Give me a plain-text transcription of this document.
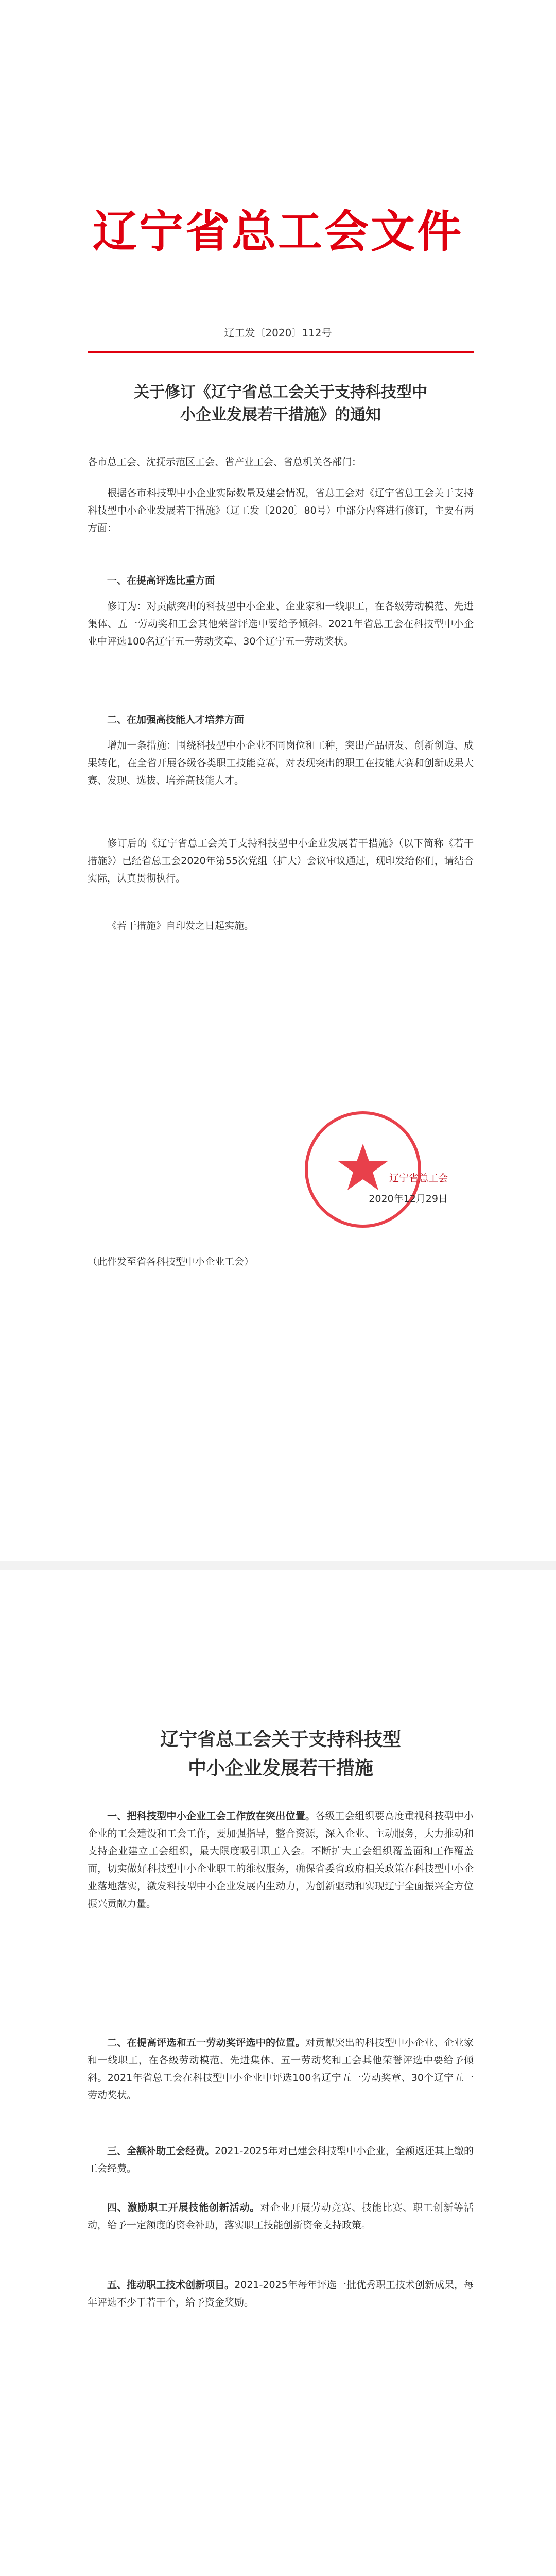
辽宁省总工会文件
辽工发〔2020〕112号
关于修订《辽宁省总工会关于支持科技型中
小企业发展若干措施》的通知
各市总工会、沈抚示范区工会、省产业工会、省总机关各部门：
根据各市科技型中小企业实际数量及建会情况，省总工会对《辽宁省总工会关于支持科技型中小企业发展若干措施》（辽工发〔2020〕80号）中部分内容进行修订，主要有两方面：
一、在提高评选比重方面
修订为：对贡献突出的科技型中小企业、企业家和一线职工，在各级劳动模范、先进集体、五一劳动奖和工会其他荣誉评选中要给予倾斜。2021年省总工会在科技型中小企业中评选100名辽宁五一劳动奖章、30个辽宁五一劳动奖状。
二、在加强高技能人才培养方面
增加一条措施：围绕科技型中小企业不同岗位和工种，突出产品研发、创新创造、成果转化，在全省开展各级各类职工技能竞赛，对表现突出的职工在技能大赛和创新成果大赛、发现、选拔、培养高技能人才。
修订后的《辽宁省总工会关于支持科技型中小企业发展若干措施》（以下简称《若干措施》）已经省总工会2020年第55次党组（扩大）会议审议通过，现印发给你们，请结合实际，认真贯彻执行。
《若干措施》自印发之日起实施。
辽宁省总工会
2020年12月29日
（此件发至省各科技型中小企业工会）
辽宁省总工会关于支持科技型
中小企业发展若干措施
一、把科技型中小企业工会工作放在突出位置。各级工会组织要高度重视科技型中小企业的工会建设和工会工作，要加强指导，整合资源，深入企业、主动服务，大力推动和支持企业建立工会组织，最大限度吸引职工入会。不断扩大工会组织覆盖面和工作覆盖面，切实做好科技型中小企业职工的维权服务，确保省委省政府相关政策在科技型中小企业落地落实，激发科技型中小企业发展内生动力，为创新驱动和实现辽宁全面振兴全方位振兴贡献力量。
二、在提高评选和五一劳动奖评选中的位置。对贡献突出的科技型中小企业、企业家和一线职工，在各级劳动模范、先进集体、五一劳动奖和工会其他荣誉评选中要给予倾斜。2021年省总工会在科技型中小企业中评选100名辽宁五一劳动奖章、30个辽宁五一劳动奖状。
三、全额补助工会经费。2021-2025年对已建会科技型中小企业，全额返还其上缴的工会经费。
四、激励职工开展技能创新活动。对企业开展劳动竞赛、技能比赛、职工创新等活动，给予一定额度的资金补助，落实职工技能创新资金支持政策。
五、推动职工技术创新项目。2021-2025年每年评选一批优秀职工技术创新成果，每年评选不少于若干个，给予资金奖励。
